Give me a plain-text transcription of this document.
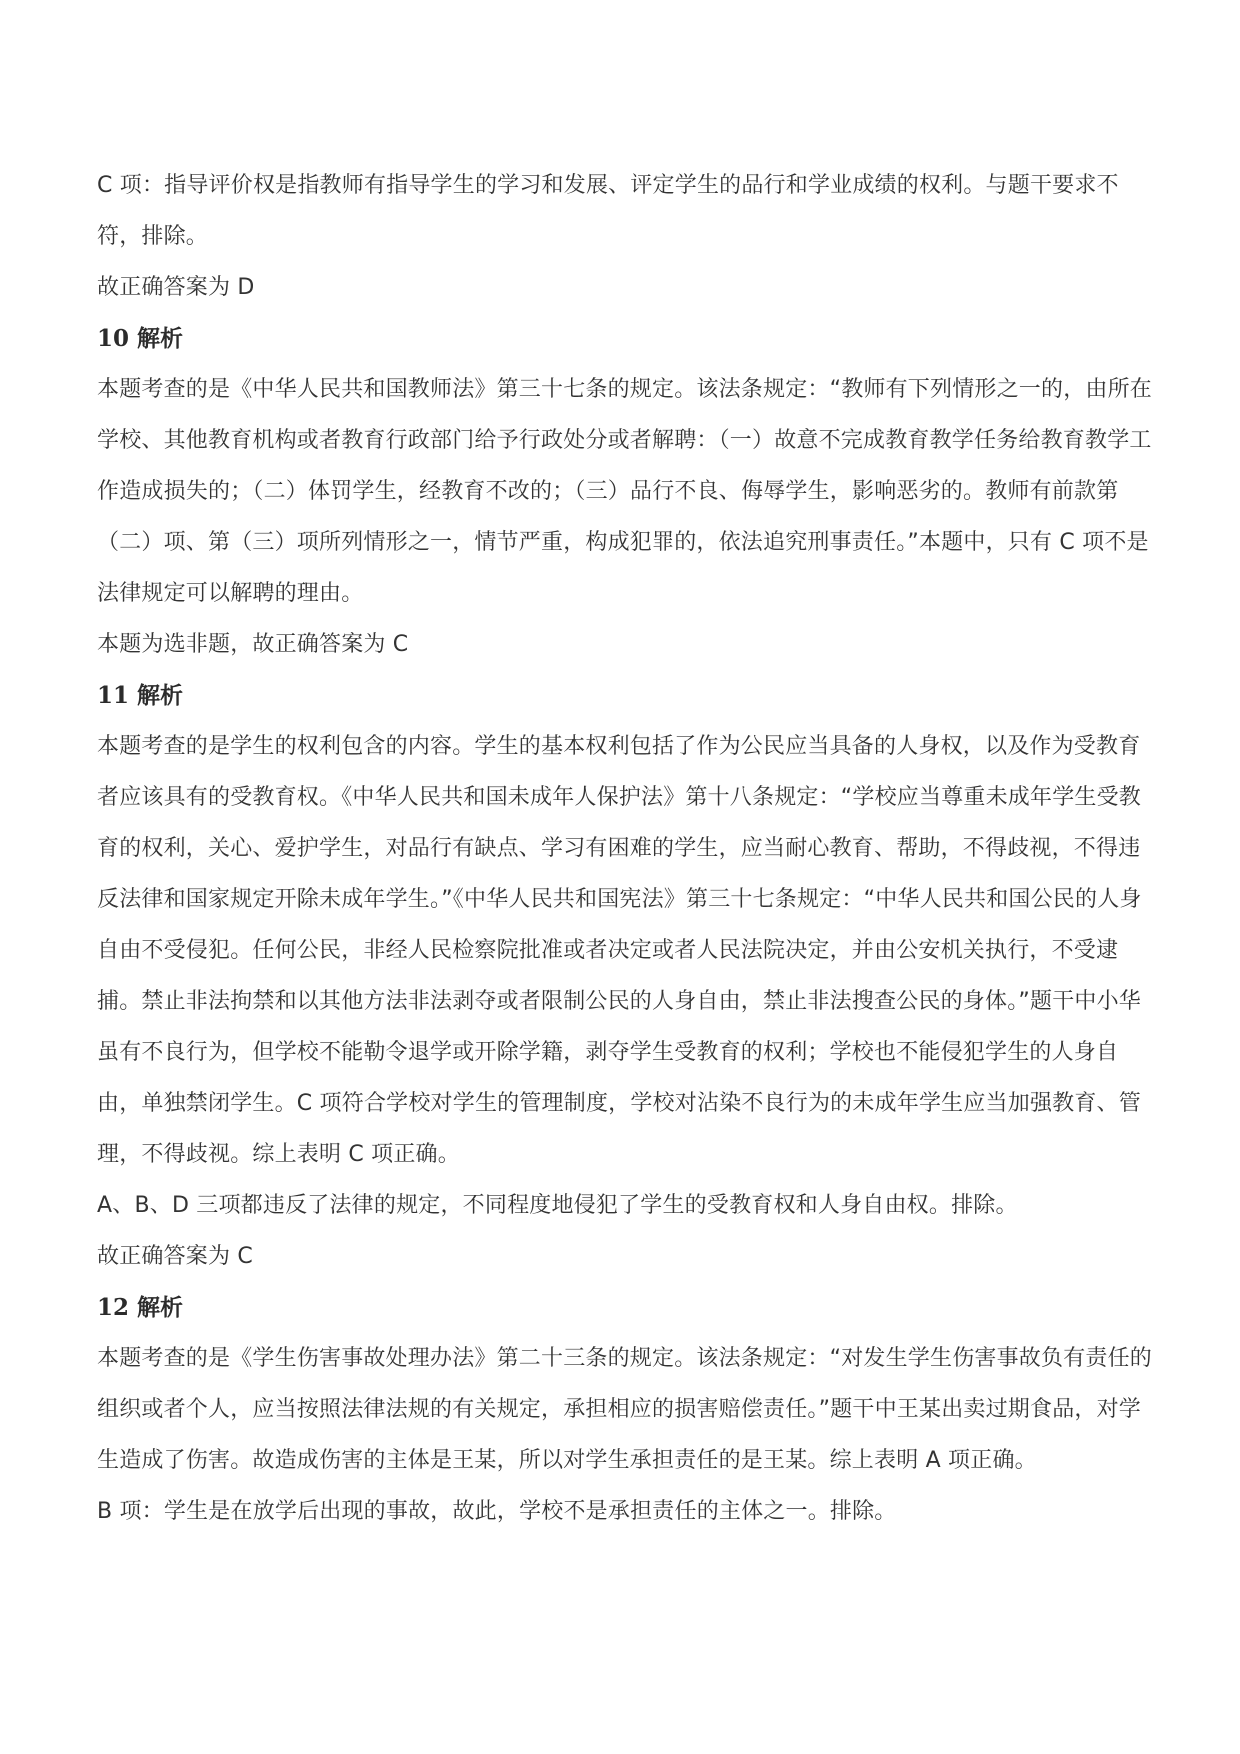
C 项：指导评价权是指教师有指导学生的学习和发展、评定学生的品行和学业成绩的权利。与题干要求不符，排除。

故正确答案为 D

10 解析

本题考查的是《中华人民共和国教师法》第三十七条的规定。该法条规定：“教师有下列情形之一的，由所在学校、其他教育机构或者教育行政部门给予行政处分或者解聘：（一）故意不完成教育教学任务给教育教学工作造成损失的；（二）体罚学生，经教育不改的；（三）品行不良、侮辱学生，影响恶劣的。教师有前款第（二）项、第（三）项所列情形之一，情节严重，构成犯罪的，依法追究刑事责任。”本题中，只有 C 项不是法律规定可以解聘的理由。

本题为选非题，故正确答案为 C

11 解析

本题考查的是学生的权利包含的内容。学生的基本权利包括了作为公民应当具备的人身权，以及作为受教育者应该具有的受教育权。《中华人民共和国未成年人保护法》第十八条规定：“学校应当尊重未成年学生受教育的权利，关心、爱护学生，对品行有缺点、学习有困难的学生，应当耐心教育、帮助，不得歧视，不得违反法律和国家规定开除未成年学生。”《中华人民共和国宪法》第三十七条规定：“中华人民共和国公民的人身自由不受侵犯。任何公民，非经人民检察院批准或者决定或者人民法院决定，并由公安机关执行，不受逮捕。禁止非法拘禁和以其他方法非法剥夺或者限制公民的人身自由，禁止非法搜查公民的身体。”题干中小华虽有不良行为，但学校不能勒令退学或开除学籍，剥夺学生受教育的权利；学校也不能侵犯学生的人身自由，单独禁闭学生。C 项符合学校对学生的管理制度，学校对沾染不良行为的未成年学生应当加强教育、管理，不得歧视。综上表明 C 项正确。

A、B、D 三项都违反了法律的规定，不同程度地侵犯了学生的受教育权和人身自由权。排除。

故正确答案为 C

12 解析

本题考查的是《学生伤害事故处理办法》第二十三条的规定。该法条规定：“对发生学生伤害事故负有责任的组织或者个人，应当按照法律法规的有关规定，承担相应的损害赔偿责任。”题干中王某出卖过期食品，对学生造成了伤害。故造成伤害的主体是王某，所以对学生承担责任的是王某。综上表明 A 项正确。

B 项：学生是在放学后出现的事故，故此，学校不是承担责任的主体之一。排除。
